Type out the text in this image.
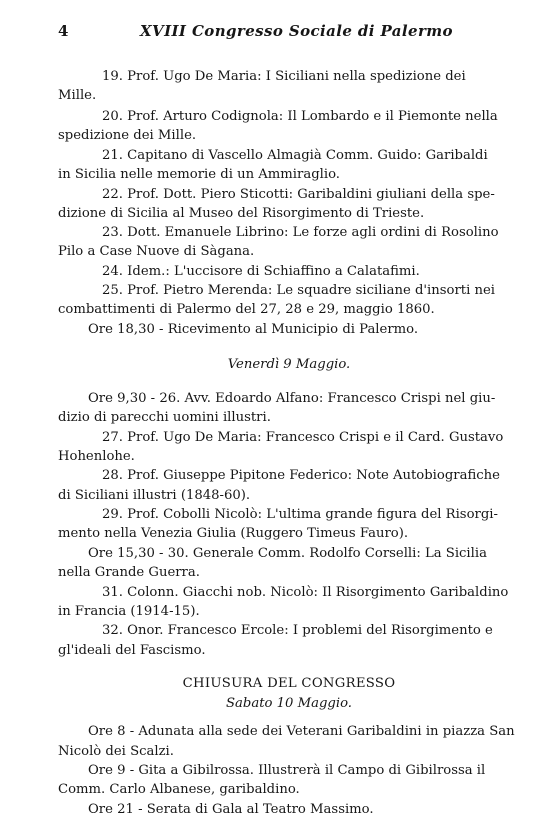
4	XVIII Congresso Sociale di Palermo
19. Prof. Ugo De Maria: I Siciliani nella spedizione dei
Mille.
20. Prof. Arturo Codignola: Il Lombardo e il Piemonte nella
spedizione dei Mille.
21. Capitano di Vascello Almagià Comm. Guido: Garibaldi
in Sicilia nelle memorie di un Ammiraglio.
22. Prof. Dott. Piero Sticotti: Garibaldini giuliani della spe-
dizione di Sicilia al Museo del Risorgimento di Trieste.
23. Dott. Emanuele Librino: Le forze agli ordini di Rosolino
Pilo a Case Nuove di Sàgana.
24. Idem.: L'uccisore di Schiaffino a Calatafimi.
25. Prof. Pietro Merenda: Le squadre siciliane d'insorti nei
combattimenti di Palermo del 27, 28 e 29, maggio 1860.
Ore 18,30 - Ricevimento al Municipio di Palermo.
Venerdì 9 Maggio.
Ore 9,30 - 26. Avv. Edoardo Alfano: Francesco Crispi nel giu-
dizio di parecchi uomini illustri.
27. Prof. Ugo De Maria: Francesco Crispi e il Card. Gustavo
Hohenlohe.
28. Prof. Giuseppe Pipitone Federico: Note Autobiografiche
di Siciliani illustri (1848-60).
29. Prof. Cobolli Nicolò: L'ultima grande figura del Risorgi-
mento nella Venezia Giulia (Ruggero Timeus Fauro).
Ore 15,30 - 30. Generale Comm. Rodolfo Corselli: La Sicilia
nella Grande Guerra.
31. Colonn. Giacchi nob. Nicolò: Il Risorgimento Garibaldino
in Francia (1914-15).
32. Onor. Francesco Ercole: I problemi del Risorgimento e
gl'ideali del Fascismo.
CHIUSURA DEL CONGRESSO
Sabato 10 Maggio.
Ore 8 - Adunata alla sede dei Veterani Garibaldini in piazza San
Nicolò dei Scalzi.
Ore 9 - Gita a Gibilrossa. Illustrerà il Campo di Gibilrossa il
Comm. Carlo Albanese, garibaldino.
Ore 21 - Serata di Gala al Teatro Massimo.
